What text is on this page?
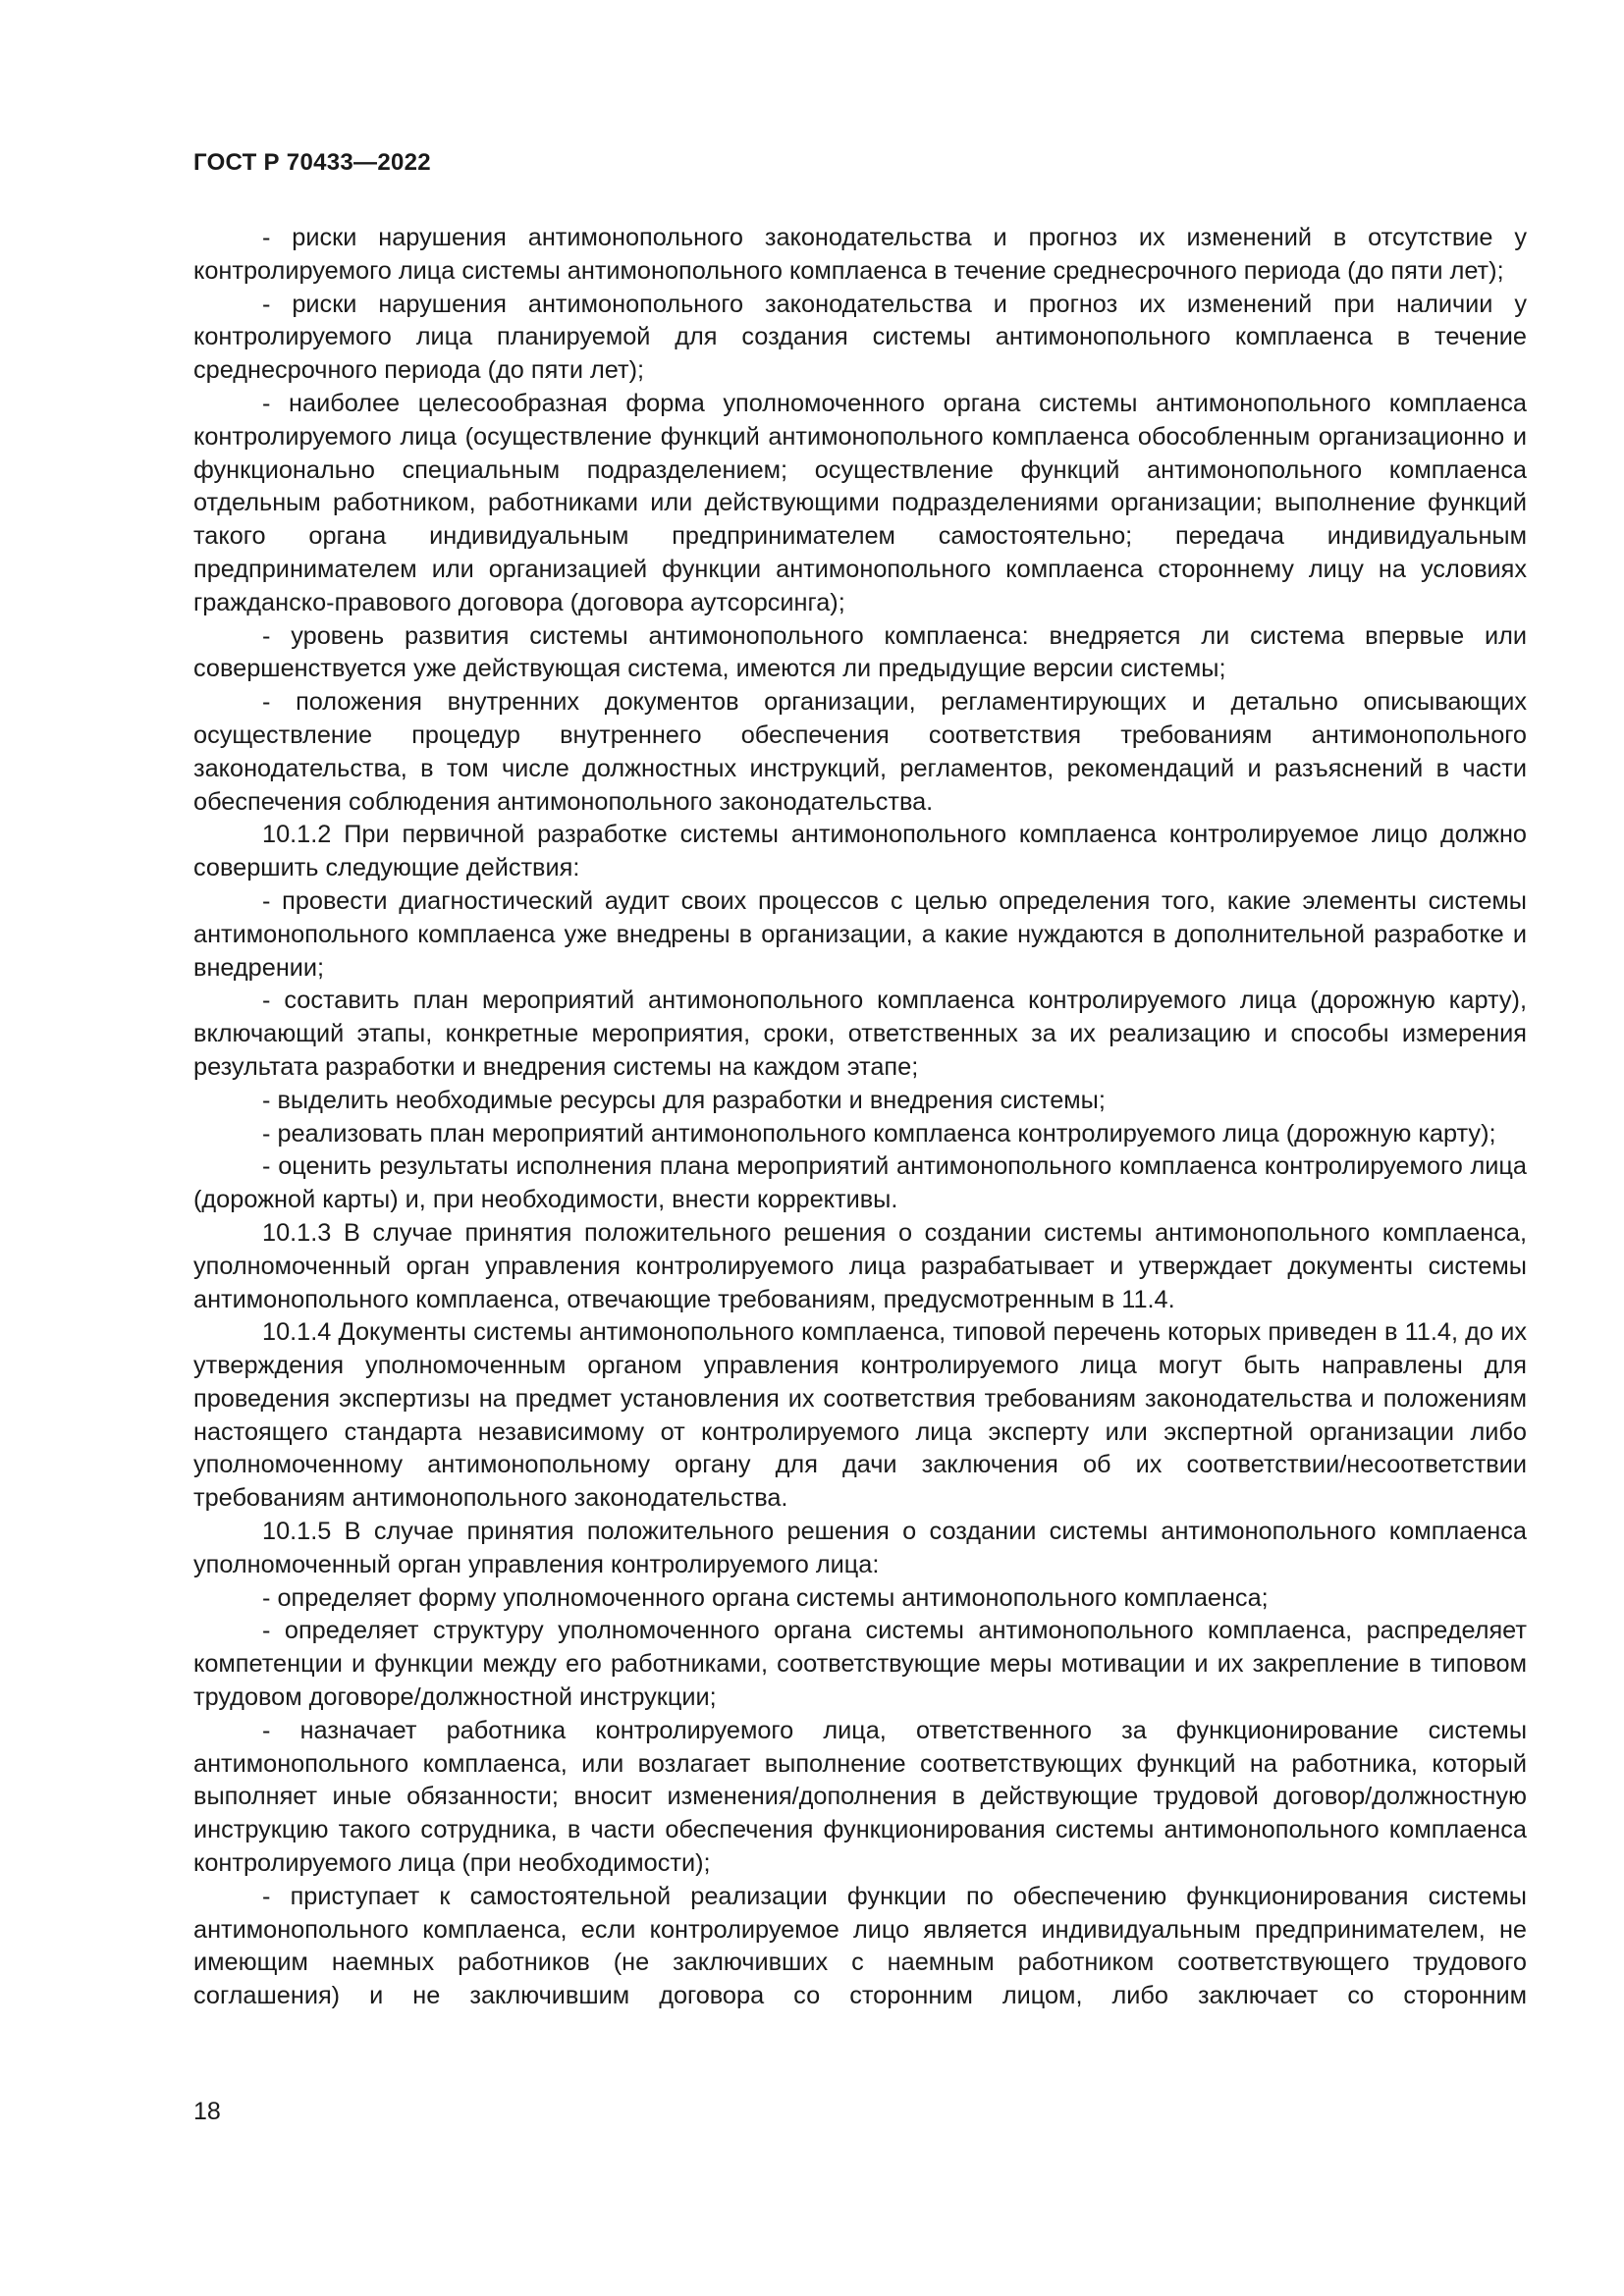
ГОСТ Р 70433—2022

- риски нарушения антимонопольного законодательства и прогноз их изменений в отсутствие у контролируемого лица системы антимонопольного комплаенса в течение среднесрочного периода (до пяти лет);

- риски нарушения антимонопольного законодательства и прогноз их изменений при наличии у контролируемого лица планируемой для создания системы антимонопольного комплаенса в течение среднесрочного периода (до пяти лет);

- наиболее целесообразная форма уполномоченного органа системы антимонопольного комплаенса контролируемого лица (осуществление функций антимонопольного комплаенса обособленным организационно и функционально специальным подразделением; осуществление функций антимонопольного комплаенса отдельным работником, работниками или действующими подразделениями организации; выполнение функций такого органа индивидуальным предпринимателем самостоятельно; передача индивидуальным предпринимателем или организацией функции антимонопольного комплаенса стороннему лицу на условиях гражданско-правового договора (договора аутсорсинга);

- уровень развития системы антимонопольного комплаенса: внедряется ли система впервые или совершенствуется уже действующая система, имеются ли предыдущие версии системы;

- положения внутренних документов организации, регламентирующих и детально описывающих осуществление процедур внутреннего обеспечения соответствия требованиям антимонопольного законодательства, в том числе должностных инструкций, регламентов, рекомендаций и разъяснений в части обеспечения соблюдения антимонопольного законодательства.

10.1.2 При первичной разработке системы антимонопольного комплаенса контролируемое лицо должно совершить следующие действия:

- провести диагностический аудит своих процессов с целью определения того, какие элементы системы антимонопольного комплаенса уже внедрены в организации, а какие нуждаются в дополнительной разработке и внедрении;

- составить план мероприятий антимонопольного комплаенса контролируемого лица (дорожную карту), включающий этапы, конкретные мероприятия, сроки, ответственных за их реализацию и способы измерения результата разработки и внедрения системы на каждом этапе;

- выделить необходимые ресурсы для разработки и внедрения системы;

- реализовать план мероприятий антимонопольного комплаенса контролируемого лица (дорожную карту);

- оценить результаты исполнения плана мероприятий антимонопольного комплаенса контролируемого лица (дорожной карты) и, при необходимости, внести коррективы.

10.1.3 В случае принятия положительного решения о создании системы антимонопольного комплаенса, уполномоченный орган управления контролируемого лица разрабатывает и утверждает документы системы антимонопольного комплаенса, отвечающие требованиям, предусмотренным в 11.4.

10.1.4 Документы системы антимонопольного комплаенса, типовой перечень которых приведен в 11.4, до их утверждения уполномоченным органом управления контролируемого лица могут быть направлены для проведения экспертизы на предмет установления их соответствия требованиям законодательства и положениям настоящего стандарта независимому от контролируемого лица эксперту или экспертной организации либо уполномоченному антимонопольному органу для дачи заключения об их соответствии/несоответствии требованиям антимонопольного законодательства.

10.1.5 В случае принятия положительного решения о создании системы антимонопольного комплаенса уполномоченный орган управления контролируемого лица:

- определяет форму уполномоченного органа системы антимонопольного комплаенса;

- определяет структуру уполномоченного органа системы антимонопольного комплаенса, распределяет компетенции и функции между его работниками, соответствующие меры мотивации и их закрепление в типовом трудовом договоре/должностной инструкции;

- назначает работника контролируемого лица, ответственного за функционирование системы антимонопольного комплаенса, или возлагает выполнение соответствующих функций на работника, который выполняет иные обязанности; вносит изменения/дополнения в действующие трудовой договор/должностную инструкцию такого сотрудника, в части обеспечения функционирования системы антимонопольного комплаенса контролируемого лица (при необходимости);

- приступает к самостоятельной реализации функции по обеспечению функционирования системы антимонопольного комплаенса, если контролируемое лицо является индивидуальным предпринимателем, не имеющим наемных работников (не заключивших с наемным работником соответствующего трудового соглашения) и не заключившим договора со сторонним лицом, либо заключает со сторонним

18
